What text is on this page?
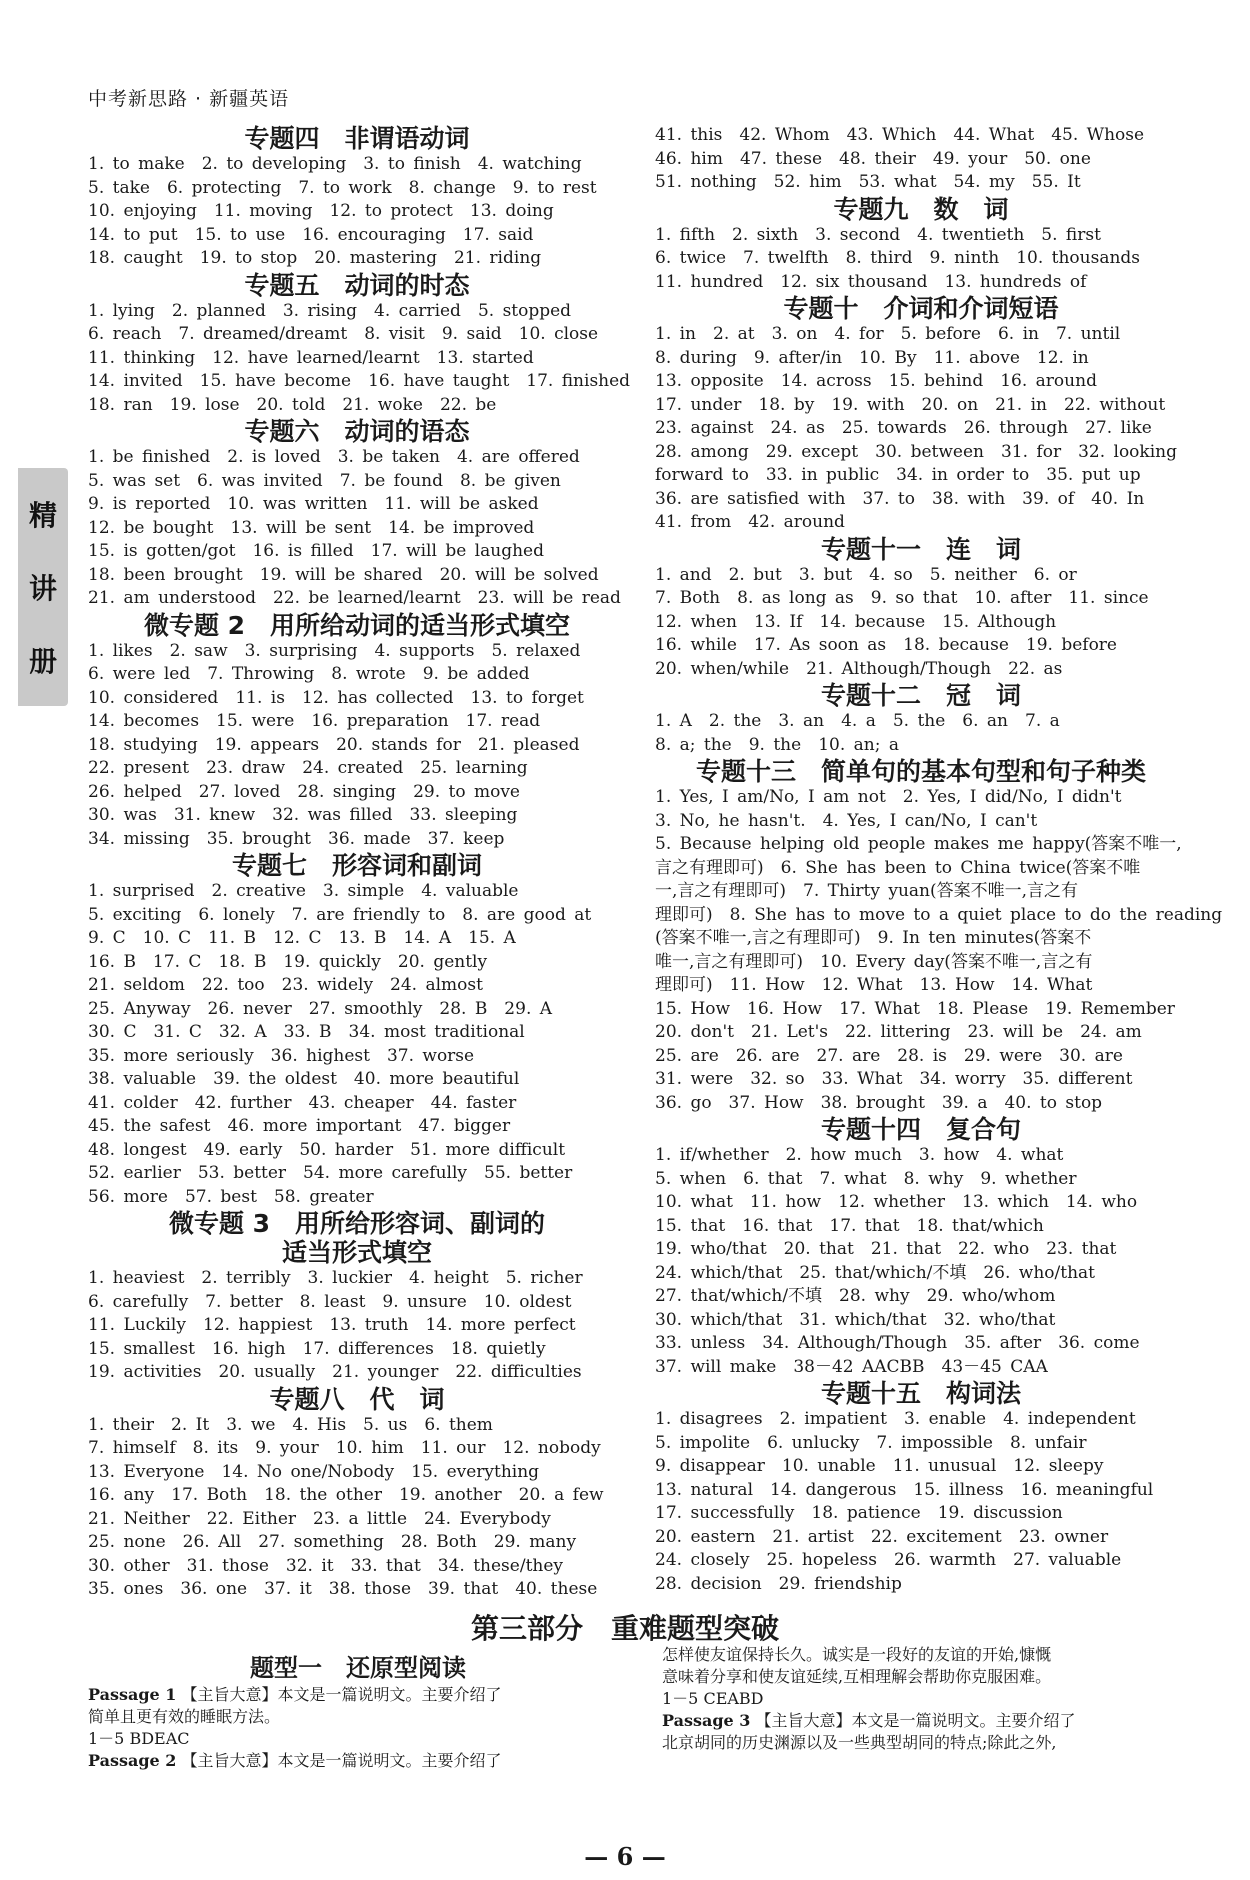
中考新思路 · 新疆英语
精
讲
册
专题四　非谓语动词
1. to make　2. to developing　3. to finish　4. watching
5. take　6. protecting　7. to work　8. change　9. to rest
10. enjoying　11. moving　12. to protect　13. doing
14. to put　15. to use　16. encouraging　17. said
18. caught　19. to stop　20. mastering　21. riding
专题五　动词的时态
1. lying　2. planned　3. rising　4. carried　5. stopped
6. reach　7. dreamed/dreamt　8. visit　9. said　10. close
11. thinking　12. have learned/learnt　13. started
14. invited　15. have become　16. have taught　17. finished
18. ran　19. lose　20. told　21. woke　22. be
专题六　动词的语态
1. be finished　2. is loved　3. be taken　4. are offered
5. was set　6. was invited　7. be found　8. be given
9. is reported　10. was written　11. will be asked
12. be bought　13. will be sent　14. be improved
15. is gotten/got　16. is filled　17. will be laughed
18. been brought　19. will be shared　20. will be solved
21. am understood　22. be learned/learnt　23. will be read
微专题 2　用所给动词的适当形式填空
1. likes　2. saw　3. surprising　4. supports　5. relaxed
6. were led　7. Throwing　8. wrote　9. be added
10. considered　11. is　12. has collected　13. to forget
14. becomes　15. were　16. preparation　17. read
18. studying　19. appears　20. stands for　21. pleased
22. present　23. draw　24. created　25. learning
26. helped　27. loved　28. singing　29. to move
30. was　31. knew　32. was filled　33. sleeping
34. missing　35. brought　36. made　37. keep
专题七　形容词和副词
1. surprised　2. creative　3. simple　4. valuable
5. exciting　6. lonely　7. are friendly to　8. are good at
9. C　10. C　11. B　12. C　13. B　14. A　15. A
16. B　17. C　18. B　19. quickly　20. gently
21. seldom　22. too　23. widely　24. almost
25. Anyway　26. never　27. smoothly　28. B　29. A
30. C　31. C　32. A　33. B　34. most traditional
35. more seriously　36. highest　37. worse
38. valuable　39. the oldest　40. more beautiful
41. colder　42. further　43. cheaper　44. faster
45. the safest　46. more important　47. bigger
48. longest　49. early　50. harder　51. more difficult
52. earlier　53. better　54. more carefully　55. better
56. more　57. best　58. greater
微专题 3　用所给形容词、副词的
适当形式填空
1. heaviest　2. terribly　3. luckier　4. height　5. richer
6. carefully　7. better　8. least　9. unsure　10. oldest
11. Luckily　12. happiest　13. truth　14. more perfect
15. smallest　16. high　17. differences　18. quietly
19. activities　20. usually　21. younger　22. difficulties
专题八　代　词
1. their　2. It　3. we　4. His　5. us　6. them
7. himself　8. its　9. your　10. him　11. our　12. nobody
13. Everyone　14. No one/Nobody　15. everything
16. any　17. Both　18. the other　19. another　20. a few
21. Neither　22. Either　23. a little　24. Everybody
25. none　26. All　27. something　28. Both　29. many
30. other　31. those　32. it　33. that　34. these/they
35. ones　36. one　37. it　38. those　39. that　40. these
41. this　42. Whom　43. Which　44. What　45. Whose
46. him　47. these　48. their　49. your　50. one
51. nothing　52. him　53. what　54. my　55. It
专题九　数　词
1. fifth　2. sixth　3. second　4. twentieth　5. first
6. twice　7. twelfth　8. third　9. ninth　10. thousands
11. hundred　12. six thousand　13. hundreds of
专题十　介词和介词短语
1. in　2. at　3. on　4. for　5. before　6. in　7. until
8. during　9. after/in　10. By　11. above　12. in
13. opposite　14. across　15. behind　16. around
17. under　18. by　19. with　20. on　21. in　22. without
23. against　24. as　25. towards　26. through　27. like
28. among　29. except　30. between　31. for　32. looking
forward to　33. in public　34. in order to　35. put up
36. are satisfied with　37. to　38. with　39. of　40. In
41. from　42. around
专题十一　连　词
1. and　2. but　3. but　4. so　5. neither　6. or
7. Both　8. as long as　9. so that　10. after　11. since
12. when　13. If　14. because　15. Although
16. while　17. As soon as　18. because　19. before
20. when/while　21. Although/Though　22. as
专题十二　冠　词
1. A　2. the　3. an　4. a　5. the　6. an　7. a
8. a; the　9. the　10. an; a
专题十三　简单句的基本句型和句子种类
1. Yes, I am/No, I am not　2. Yes, I did/No, I didn't
3. No, he hasn't.　4. Yes, I can/No, I can't
5. Because helping old people makes me happy(答案不唯一,
言之有理即可)　6. She has been to China twice(答案不唯
一,言之有理即可)　7. Thirty yuan(答案不唯一,言之有
理即可)　8. She has to move to a quiet place to do the reading
(答案不唯一,言之有理即可)　9. In ten minutes(答案不
唯一,言之有理即可)　10. Every day(答案不唯一,言之有
理即可)　11. How　12. What　13. How　14. What
15. How　16. How　17. What　18. Please　19. Remember
20. don't　21. Let's　22. littering　23. will be　24. am
25. are　26. are　27. are　28. is　29. were　30. are
31. were　32. so　33. What　34. worry　35. different
36. go　37. How　38. brought　39. a　40. to stop
专题十四　复合句
1. if/whether　2. how much　3. how　4. what
5. when　6. that　7. what　8. why　9. whether
10. what　11. how　12. whether　13. which　14. who
15. that　16. that　17. that　18. that/which
19. who/that　20. that　21. that　22. who　23. that
24. which/that　25. that/which/不填　26. who/that
27. that/which/不填　28. why　29. who/whom
30. which/that　31. which/that　32. who/that
33. unless　34. Although/Though　35. after　36. come
37. will make　38－42 AACBB　43－45 CAA
专题十五　构词法
1. disagrees　2. impatient　3. enable　4. independent
5. impolite　6. unlucky　7. impossible　8. unfair
9. disappear　10. unable　11. unusual　12. sleepy
13. natural　14. dangerous　15. illness　16. meaningful
17. successfully　18. patience　19. discussion
20. eastern　21. artist　22. excitement　23. owner
24. closely　25. hopeless　26. warmth　27. valuable
28. decision　29. friendship
第三部分　重难题型突破
题型一　还原型阅读
Passage 1 【主旨大意】本文是一篇说明文。主要介绍了
简单且更有效的睡眠方法。
1－5 BDEAC
Passage 2 【主旨大意】本文是一篇说明文。主要介绍了
怎样使友谊保持长久。诚实是一段好的友谊的开始,慷慨
意味着分享和使友谊延续,互相理解会帮助你克服困难。
1－5 CEABD
Passage 3 【主旨大意】本文是一篇说明文。主要介绍了
北京胡同的历史渊源以及一些典型胡同的特点;除此之外,
— 6 —
